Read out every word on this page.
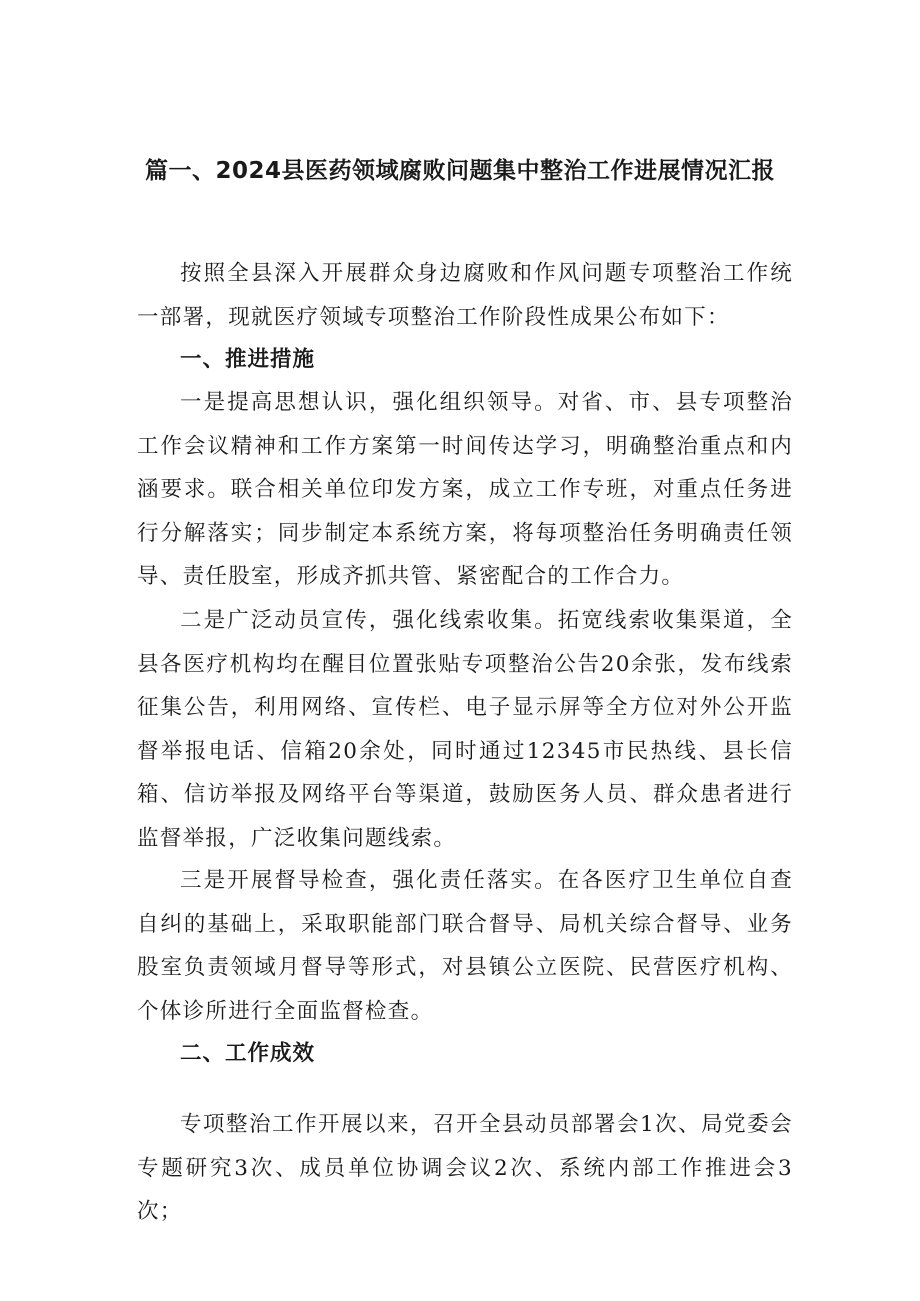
篇一、2024县医药领域腐败问题集中整治工作进展情况汇报

按照全县深入开展群众身边腐败和作风问题专项整治工作统一部署，现就医疗领域专项整治工作阶段性成果公布如下：

一、推进措施

一是提高思想认识，强化组织领导。对省、市、县专项整治工作会议精神和工作方案第一时间传达学习，明确整治重点和内涵要求。联合相关单位印发方案，成立工作专班，对重点任务进行分解落实；同步制定本系统方案，将每项整治任务明确责任领导、责任股室，形成齐抓共管、紧密配合的工作合力。

二是广泛动员宣传，强化线索收集。拓宽线索收集渠道，全县各医疗机构均在醒目位置张贴专项整治公告20余张，发布线索征集公告，利用网络、宣传栏、电子显示屏等全方位对外公开监督举报电话、信箱20余处，同时通过12345市民热线、县长信箱、信访举报及网络平台等渠道，鼓励医务人员、群众患者进行监督举报，广泛收集问题线索。

三是开展督导检查，强化责任落实。在各医疗卫生单位自查自纠的基础上，采取职能部门联合督导、局机关综合督导、业务股室负责领域月督导等形式，对县镇公立医院、民营医疗机构、个体诊所进行全面监督检查。

二、工作成效

专项整治工作开展以来，召开全县动员部署会1次、局党委会专题研究3次、成员单位协调会议2次、系统内部工作推进会3次；
